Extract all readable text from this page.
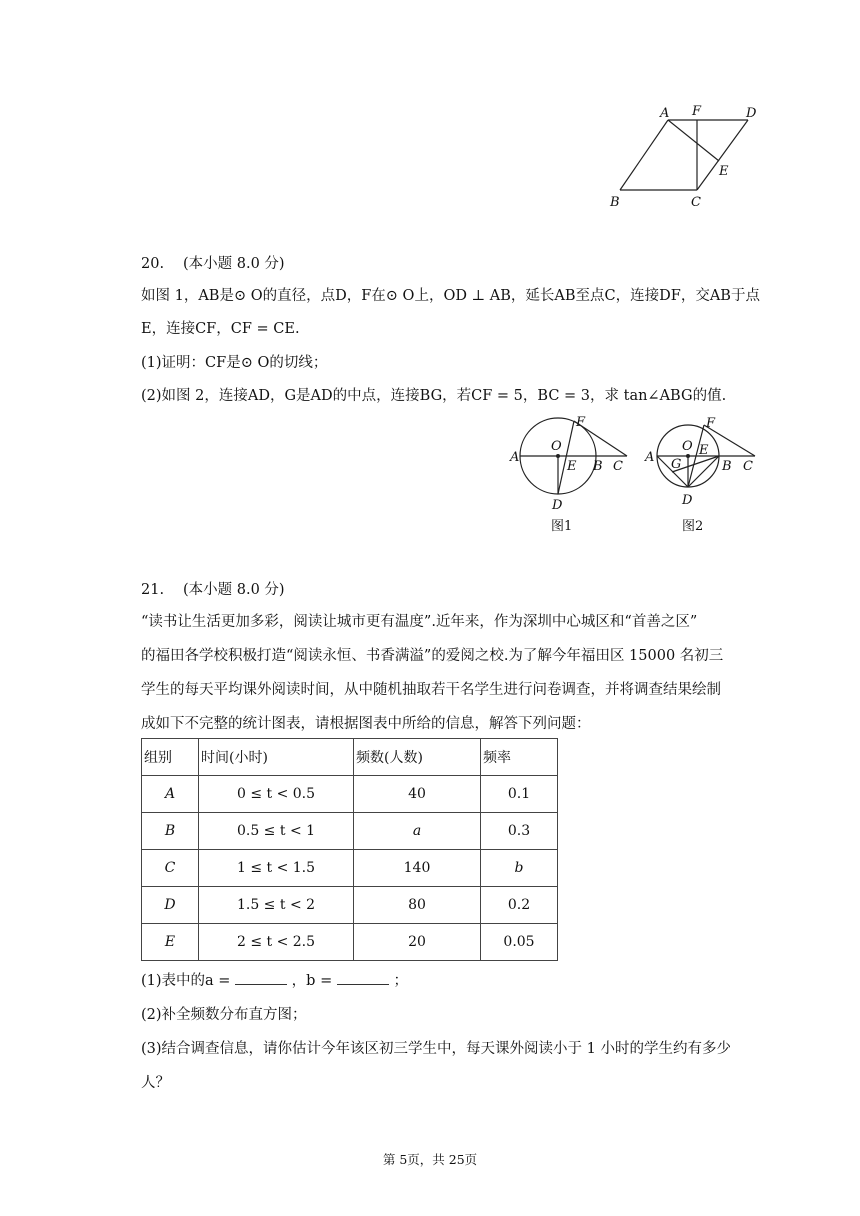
A F	D
E
B	C
20. (本小题 8.0 分)
如图 1，AB是⊙ O的直径，点D，F在⊙ O上，OD ⊥ AB，延长AB至点C，连接DF，交AB于点
E，连接CF，CF = CE.
(1)证明：CF是⊙ O的切线；
(2)如图 2，连接AD，G是AD的中点，连接BG，若CF = 5，BC = 3，求 tan∠ABG的值.
F
O
A
E B C
D
图1
F
O E
A G	B C
D
图2
21. (本小题 8.0 分)
“读书让生活更加多彩，阅读让城市更有温度”.近年来，作为深圳中心城区和“首善之区”
的福田各学校积极打造“阅读永恒、书香满溢”的爱阅之校.为了解今年福田区 15000 名初三
学生的每天平均课外阅读时间，从中随机抽取若干名学生进行问卷调查，并将调查结果绘制
成如下不完整的统计图表，请根据图表中所给的信息，解答下列问题：
组别	时间(小时)	频数(人数)	频率
A	0 ≤ t < 0.5	40	0.1
B	0.5 ≤ t < 1	a	0.3
C	1 ≤ t < 1.5	140	b
D	1.5 ≤ t < 2	80	0.2
E	2 ≤ t < 2.5	20	0.05
(1)表中的a =	，b =	；
(2)补全频数分布直方图；
(3)结合调查信息，请你估计今年该区初三学生中，每天课外阅读小于 1 小时的学生约有多少
人？
第 5页，共 25页
